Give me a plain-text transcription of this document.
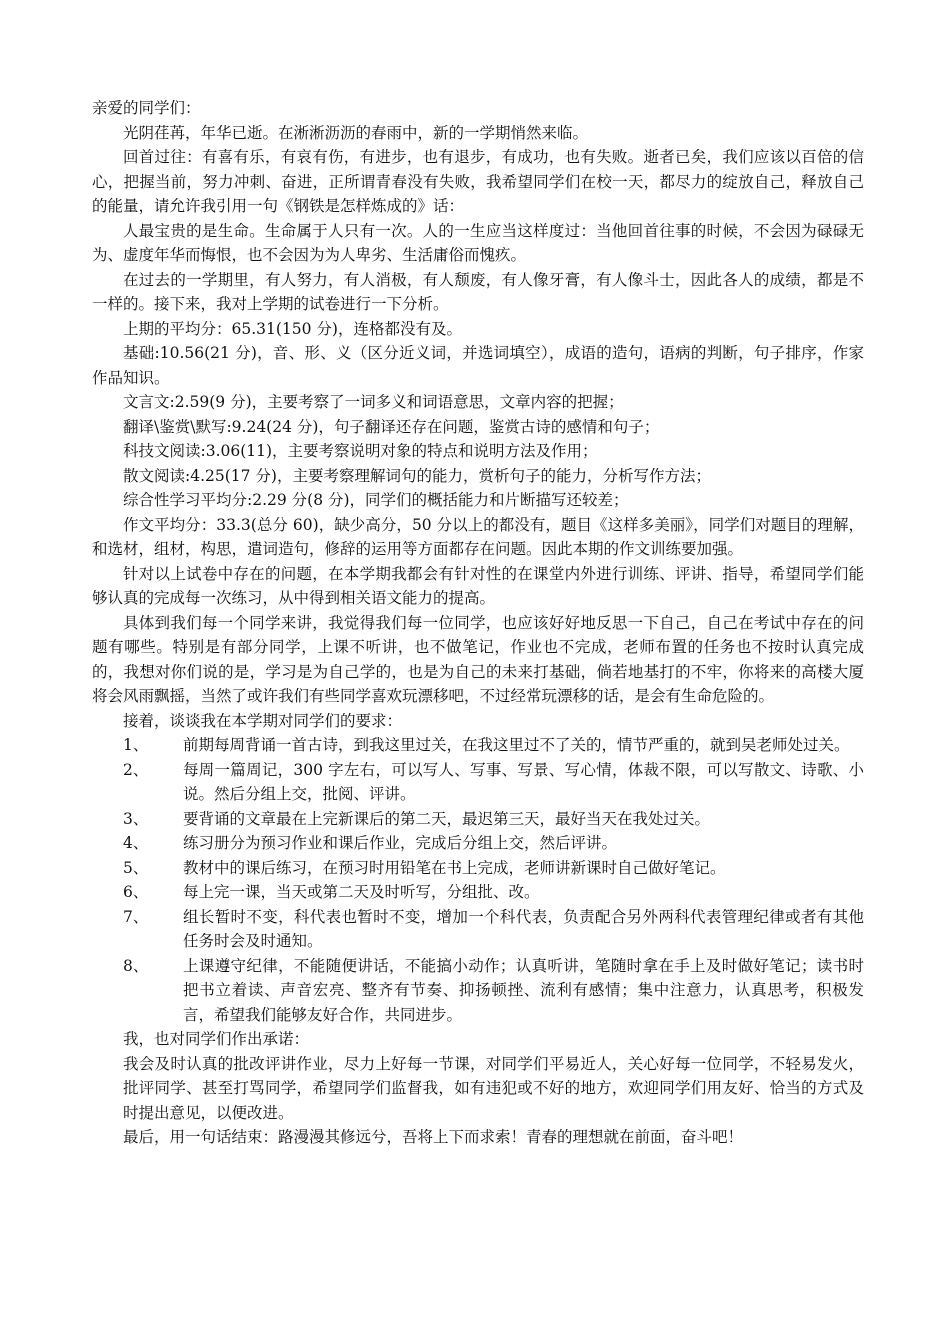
亲爱的同学们：

光阴荏苒，年华已逝。在淅淅沥沥的春雨中，新的一学期悄然来临。

回首过往：有喜有乐，有哀有伤，有进步，也有退步，有成功，也有失败。逝者已矣，我们应该以百倍的信心，把握当前，努力冲刺、奋进，正所谓青春没有失败，我希望同学们在校一天，都尽力的绽放自己，释放自己的能量，请允许我引用一句《钢铁是怎样炼成的》话：

人最宝贵的是生命。生命属于人只有一次。人的一生应当这样度过：当他回首往事的时候，不会因为碌碌无为、虚度年华而悔恨，也不会因为为人卑劣、生活庸俗而愧疚。

在过去的一学期里，有人努力，有人消极，有人颓废，有人像牙膏，有人像斗士，因此各人的成绩，都是不一样的。接下来，我对上学期的试卷进行一下分析。

上期的平均分：65.31(150 分)，连格都没有及。

基础:10.56(21 分)，音、形、义（区分近义词，并选词填空），成语的造句，语病的判断，句子排序，作家作品知识。

文言文:2.59(9 分)，主要考察了一词多义和词语意思，文章内容的把握；

翻译\鉴赏\默写:9.24(24 分)，句子翻译还存在问题，鉴赏古诗的感情和句子；

科技文阅读:3.06(11)，主要考察说明对象的特点和说明方法及作用；

散文阅读:4.25(17 分)，主要考察理解词句的能力，赏析句子的能力，分析写作方法；

综合性学习平均分:2.29 分(8 分)，同学们的概括能力和片断描写还较差；

作文平均分：33.3(总分 60)，缺少高分，50 分以上的都没有，题目《这样多美丽》，同学们对题目的理解，和选材，组材，构思，遣词造句，修辞的运用等方面都存在问题。因此本期的作文训练要加强。

针对以上试卷中存在的问题，在本学期我都会有针对性的在课堂内外进行训练、评讲、指导，希望同学们能够认真的完成每一次练习，从中得到相关语文能力的提高。

具体到我们每一个同学来讲，我觉得我们每一位同学，也应该好好地反思一下自己，自己在考试中存在的问题有哪些。特别是有部分同学，上课不听讲，也不做笔记，作业也不完成，老师布置的任务也不按时认真完成的，我想对你们说的是，学习是为自己学的，也是为自己的未来打基础，倘若地基打的不牢，你将来的高楼大厦将会风雨飘摇，当然了或许我们有些同学喜欢玩漂移吧，不过经常玩漂移的话，是会有生命危险的。

接着，谈谈我在本学期对同学们的要求：

1、	前期每周背诵一首古诗，到我这里过关，在我这里过不了关的，情节严重的，就到吴老师处过关。
2、	每周一篇周记，300 字左右，可以写人、写事、写景、写心情，体裁不限，可以写散文、诗歌、小说。然后分组上交，批阅、评讲。
3、	要背诵的文章最在上完新课后的第二天，最迟第三天，最好当天在我处过关。
4、	练习册分为预习作业和课后作业，完成后分组上交，然后评讲。
5、	教材中的课后练习，在预习时用铅笔在书上完成，老师讲新课时自己做好笔记。
6、	每上完一课，当天或第二天及时听写，分组批、改。
7、	组长暂时不变，科代表也暂时不变，增加一个科代表，负责配合另外两科代表管理纪律或者有其他任务时会及时通知。
8、	上课遵守纪律，不能随便讲话，不能搞小动作；认真听讲，笔随时拿在手上及时做好笔记；读书时把书立着读、声音宏亮、整齐有节奏、抑扬顿挫、流利有感情；集中注意力，认真思考，积极发言，希望我们能够友好合作，共同进步。

我，也对同学们作出承诺：

我会及时认真的批改评讲作业，尽力上好每一节课，对同学们平易近人，关心好每一位同学，不轻易发火，批评同学、甚至打骂同学，希望同学们监督我，如有违犯或不好的地方，欢迎同学们用友好、恰当的方式及时提出意见，以便改进。

最后，用一句话结束：路漫漫其修远兮，吾将上下而求索！青春的理想就在前面，奋斗吧！
